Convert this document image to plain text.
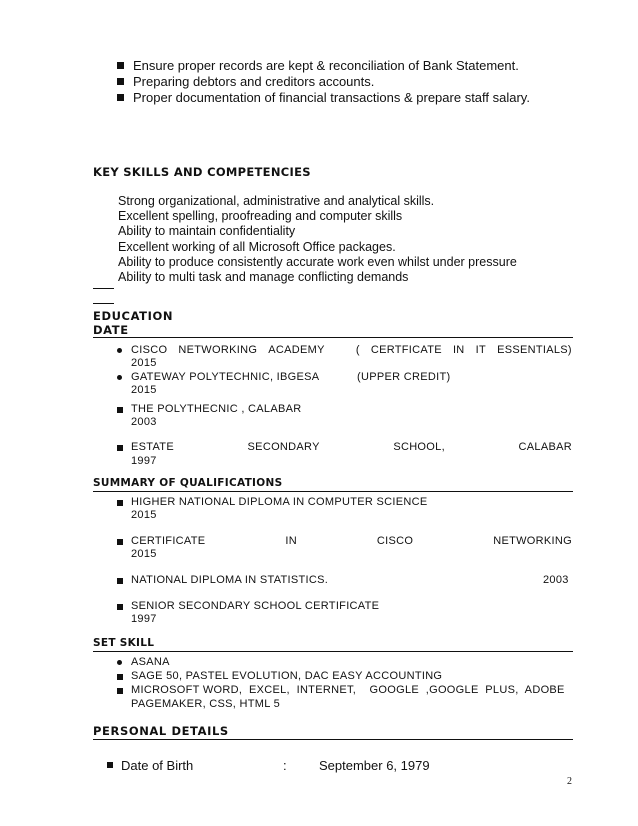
Ensure proper records are kept & reconciliation of Bank Statement.
Preparing debtors and creditors accounts.
Proper documentation of financial transactions & prepare staff salary.
KEY SKILLS AND COMPETENCIES
Strong organizational, administrative and analytical skills.
Excellent spelling, proofreading and computer skills
Ability to maintain confidentiality
Excellent working of all Microsoft Office packages.
Ability to produce consistently accurate work even whilst under pressure
Ability to multi task and manage conflicting demands
EDUCATION
DATE
CISCO NETWORKING ACADEMY	( CERTFICATE IN IT ESSENTIALS)
2015
GATEWAY POLYTECHNIC, IBGESA	(UPPER CREDIT)
2015
THE POLYTHECNIC , CALABAR
2003
ESTATE	SECONDARY	SCHOOL,	CALABAR
1997
SUMMARY OF QUALIFICATIONS
HIGHER NATIONAL DIPLOMA IN COMPUTER SCIENCE
2015
CERTIFICATE	IN	CISCO	NETWORKING
2015
NATIONAL DIPLOMA IN STATISTICS.	2003
SENIOR SECONDARY SCHOOL CERTIFICATE
1997
SET SKILL
ASANA
SAGE 50, PASTEL EVOLUTION, DAC EASY ACCOUNTING
MICROSOFT WORD,  EXCEL,  INTERNET,    GOOGLE  ,GOOGLE  PLUS,  ADOBE
PAGEMAKER, CSS, HTML 5
PERSONAL DETAILS
Date of Birth	: September 6, 1979
2
